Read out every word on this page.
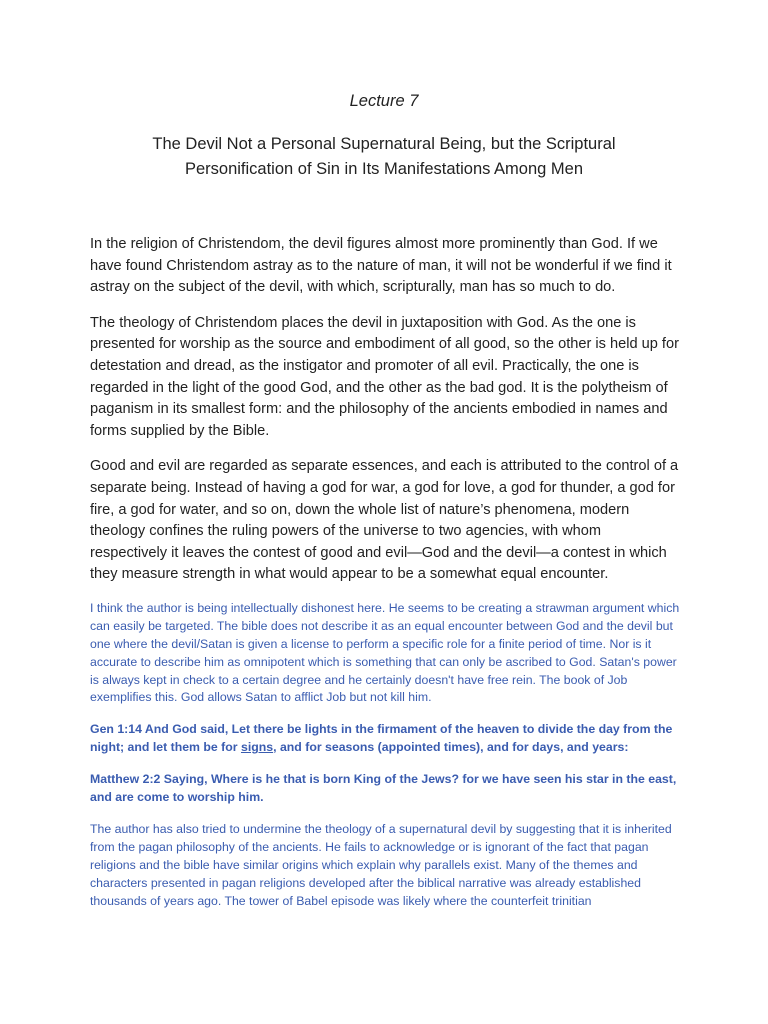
Lecture 7

The Devil Not a Personal Supernatural Being, but the Scriptural
Personification of Sin in Its Manifestations Among Men

In the religion of Christendom, the devil figures almost more prominently than God. If we have found Christendom astray as to the nature of man, it will not be wonderful if we find it astray on the subject of the devil, with which, scripturally, man has so much to do.

The theology of Christendom places the devil in juxtaposition with God. As the one is presented for worship as the source and embodiment of all good, so the other is held up for detestation and dread, as the instigator and promoter of all evil. Practically, the one is regarded in the light of the good God, and the other as the bad god. It is the polytheism of paganism in its smallest form: and the philosophy of the ancients embodied in names and forms supplied by the Bible.

Good and evil are regarded as separate essences, and each is attributed to the control of a separate being. Instead of having a god for war, a god for love, a god for thunder, a god for fire, a god for water, and so on, down the whole list of nature’s phenomena, modern theology confines the ruling powers of the universe to two agencies, with whom respectively it leaves the contest of good and evil—God and the devil—a contest in which they measure strength in what would appear to be a somewhat equal encounter.

I think the author is being intellectually dishonest here. He seems to be creating a strawman argument which can easily be targeted. The bible does not describe it as an equal encounter between God and the devil but one where the devil/Satan is given a license to perform a specific role for a finite period of time. Nor is it accurate to describe him as omnipotent which is something that can only be ascribed to God. Satan's power is always kept in check to a certain degree and he certainly doesn't have free rein. The book of Job exemplifies this. God allows Satan to afflict Job but not kill him.

Gen 1:14 And God said, Let there be lights in the firmament of the heaven to divide the day from the night; and let them be for signs, and for seasons (appointed times), and for days, and years:

Matthew 2:2 Saying, Where is he that is born King of the Jews? for we have seen his star in the east, and are come to worship him.

The author has also tried to undermine the theology of a supernatural devil by suggesting that it is inherited from the pagan philosophy of the ancients. He fails to acknowledge or is ignorant of the fact that pagan religions and the bible have similar origins which explain why parallels exist. Many of the themes and characters presented in pagan religions developed after the biblical narrative was already established thousands of years ago. The tower of Babel episode was likely where the counterfeit trinitian
